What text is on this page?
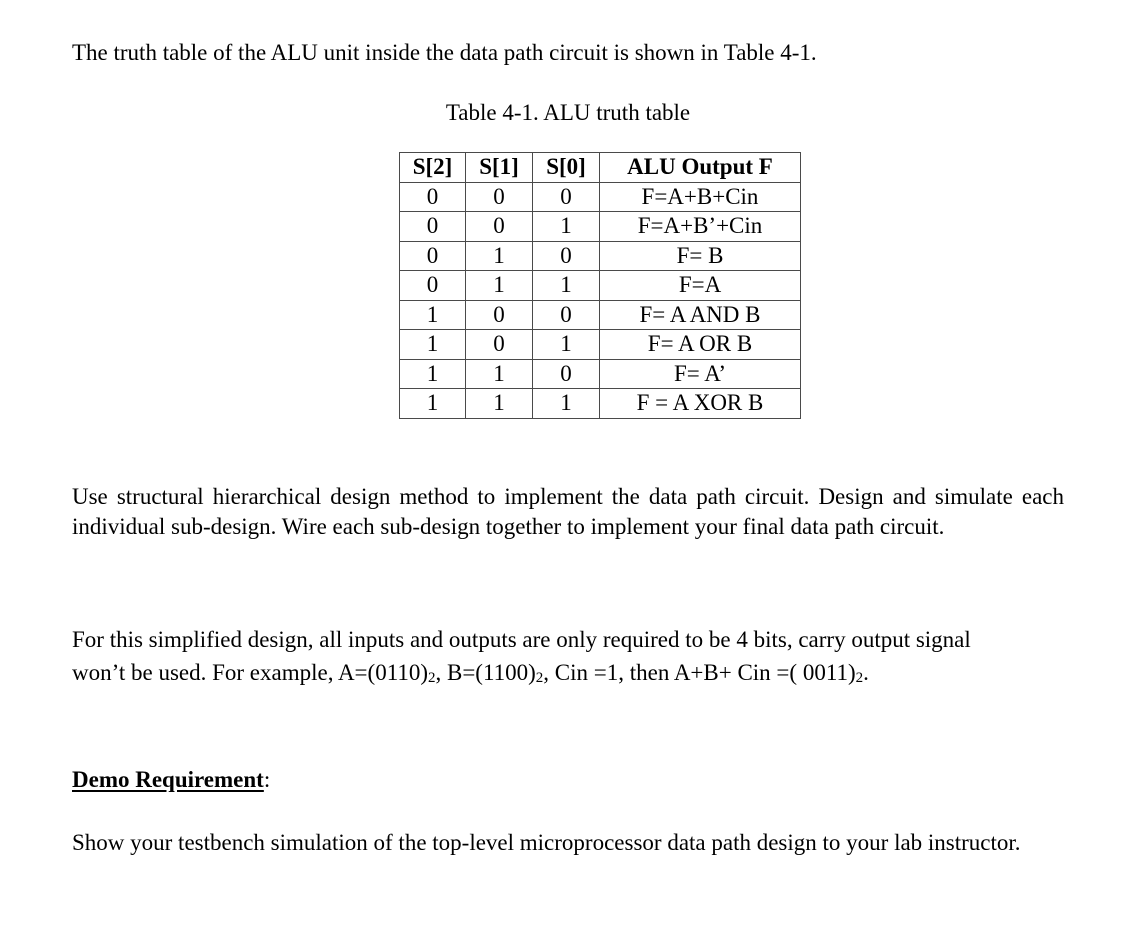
The truth table of the ALU unit inside the data path circuit is shown in Table 4-1.

Table 4-1. ALU truth table

S[2]	S[1]	S[0]	ALU Output F
0	0	0	F=A+B+Cin
0	0	1	F=A+B’+Cin
0	1	0	F= B
0	1	1	F=A
1	0	0	F= A AND B
1	0	1	F= A OR B
1	1	0	F= A’
1	1	1	F = A XOR B

Use structural hierarchical design method to implement the data path circuit. Design and simulate each individual sub-design. Wire each sub-design together to implement your final data path circuit.

For this simplified design, all inputs and outputs are only required to be 4 bits, carry output signal
won’t be used. For example, $A=(0110)_2$, $B=(1100)_2$, Cin =1, then A+B+ Cin =( $0011)_2$.

Demo Requirement:

Show your testbench simulation of the top-level microprocessor data path design to your lab instructor.
